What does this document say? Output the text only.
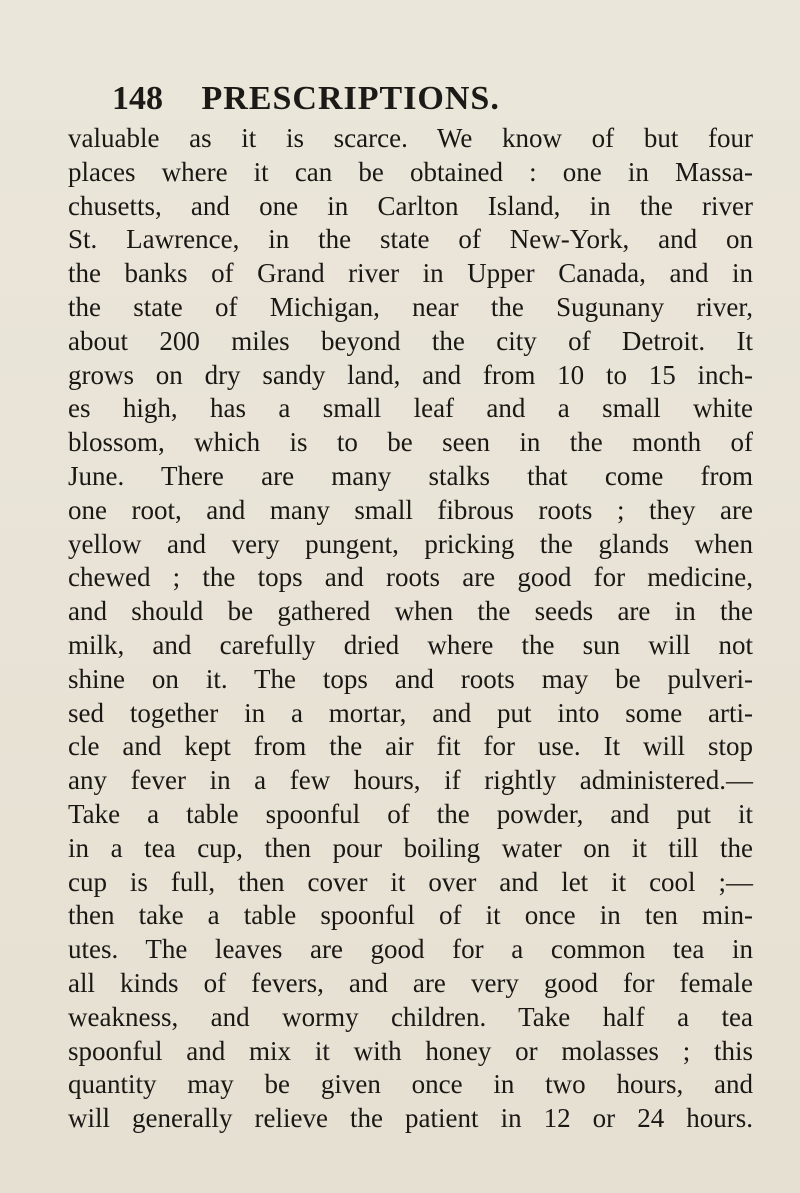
148 PRESCRIPTIONS.
valuable as it is scarce. We know of but four
places where it can be obtained : one in Massa-
chusetts, and one in Carlton Island, in the river
St. Lawrence, in the state of New-York, and on
the banks of Grand river in Upper Canada, and in
the state of Michigan, near the Sugunany river,
about 200 miles beyond the city of Detroit. It
grows on dry sandy land, and from 10 to 15 inch-
es high, has a small leaf and a small white
blossom, which is to be seen in the month of
June. There are many stalks that come from
one root, and many small fibrous roots ; they are
yellow and very pungent, pricking the glands when
chewed ; the tops and roots are good for medicine,
and should be gathered when the seeds are in the
milk, and carefully dried where the sun will not
shine on it. The tops and roots may be pulveri-
sed together in a mortar, and put into some arti-
cle and kept from the air fit for use. It will stop
any fever in a few hours, if rightly administered.—
Take a table spoonful of the powder, and put it
in a tea cup, then pour boiling water on it till the
cup is full, then cover it over and let it cool ;—
then take a table spoonful of it once in ten min-
utes. The leaves are good for a common tea in
all kinds of fevers, and are very good for female
weakness, and wormy children. Take half a tea
spoonful and mix it with honey or molasses ; this
quantity may be given once in two hours, and
will generally relieve the patient in 12 or 24 hours.
